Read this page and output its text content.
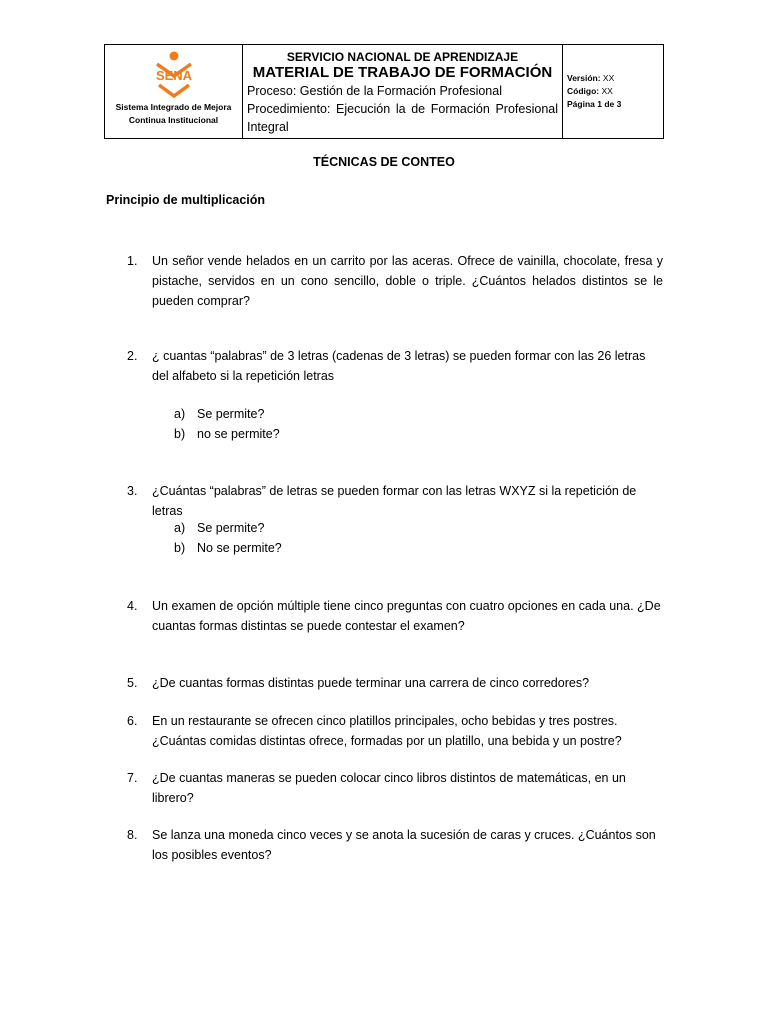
SENA
Sistema Integrado de Mejora Continua Institucional
SERVICIO NACIONAL DE APRENDIZAJE
MATERIAL DE TRABAJO DE FORMACIÓN
Proceso: Gestión de la Formación Profesional
Procedimiento: Ejecución la de Formación Profesional Integral
Versión: XX
Código: XX
Página 1 de 3
TÉCNICAS DE CONTEO
Principio de multiplicación
1.	Un señor vende helados en un carrito por las aceras. Ofrece de vainilla, chocolate, fresa y pistache, servidos en un cono sencillo, doble o triple. ¿Cuántos helados distintos se le pueden comprar?
2.	¿ cuantas “palabras” de 3 letras (cadenas de 3 letras) se pueden formar con las 26 letras del alfabeto si la repetición letras
a) Se permite?
b) no se permite?
3.	¿Cuántas “palabras” de letras se pueden formar con las letras WXYZ si la repetición de letras
a) Se permite?
b) No se permite?
4.	Un examen de opción múltiple tiene cinco preguntas con cuatro opciones en cada una. ¿De cuantas formas distintas se puede contestar el examen?
5.	¿De cuantas formas distintas puede terminar una carrera de cinco corredores?
6.	En un restaurante se ofrecen cinco platillos principales, ocho bebidas y tres postres. ¿Cuántas comidas distintas ofrece, formadas por un platillo, una bebida y un postre?
7.	¿De cuantas maneras se pueden colocar cinco libros distintos de matemáticas, en un librero?
8.	Se lanza una moneda cinco veces y se anota la sucesión de caras y cruces. ¿Cuántos son los posibles eventos?
